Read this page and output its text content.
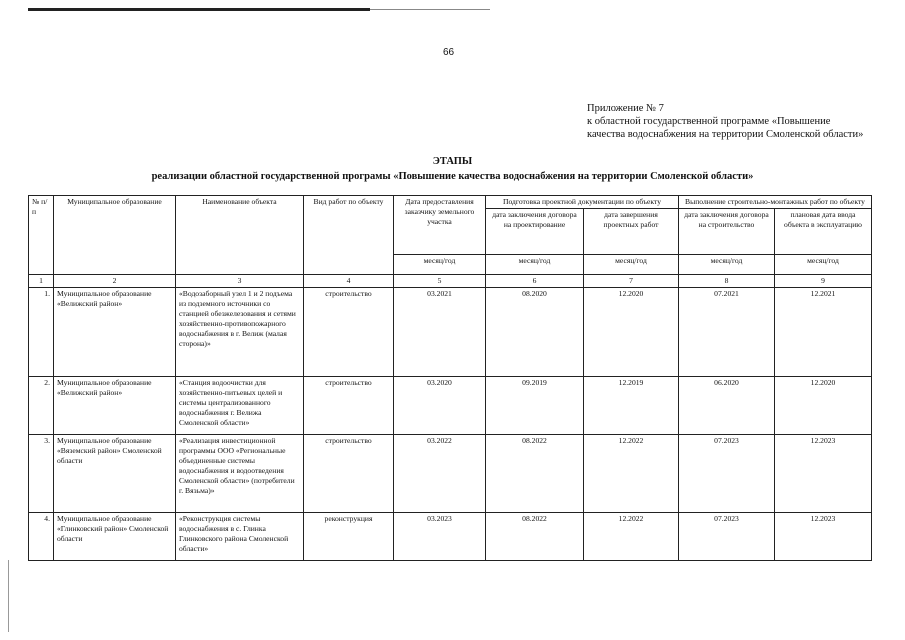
66
Приложение № 7
к областной государственной программе «Повышение
качества водоснабжения на территории Смоленской области»
ЭТАПЫ
реализации областной государственной програмы «Повышение качества водоснабжения на территории Смоленской области»
№ п/п	Муниципальное образование	Наименование объекта	Вид работ по объекту	Дата предоставления заказчику земельного участка	Подготовка проектной документации по объекту		Выполнение строительно-монтажных работ по объекту	
					дата заключения договора на проектирование	дата завершения проектных работ	дата заключения договора на строительство	плановая дата ввода объекта в эксплуатацию
				месяц/год	месяц/год	месяц/год	месяц/год	месяц/год
1	2	3	4	5	6	7	8	9
1.	Муниципальное образование «Велижский район»	«Водозаборный узел 1 и 2 подъема из подземного источники со станцией обезжелезования и сетями хозяйственно-противопожарного водоснабжения в г. Велиж (малая сторона)»	строительство	03.2021	08.2020	12.2020	07.2021	12.2021
2.	Муниципальное образование «Велижский район»	«Станция водоочистки для хозяйственно-питьевых целей и системы централизованного водоснабжения г. Велижа Смоленской области»	строительство	03.2020	09.2019	12.2019	06.2020	12.2020
3.	Муниципальное образование «Вяземский район» Смоленской области	«Реализация инвестиционной программы ООО «Региональные объединенные системы водоснабжения и водоотведения Смоленской области» (потребители г. Вязьма)»	строительство	03.2022	08.2022	12.2022	07.2023	12.2023
4.	Муниципальное образование «Глинковский район» Смоленской области	«Реконструкция системы водоснабжения в с. Глинка Глинковского района Смоленской области»	реконструкция	03.2023	08.2022	12.2022	07.2023	12.2023
